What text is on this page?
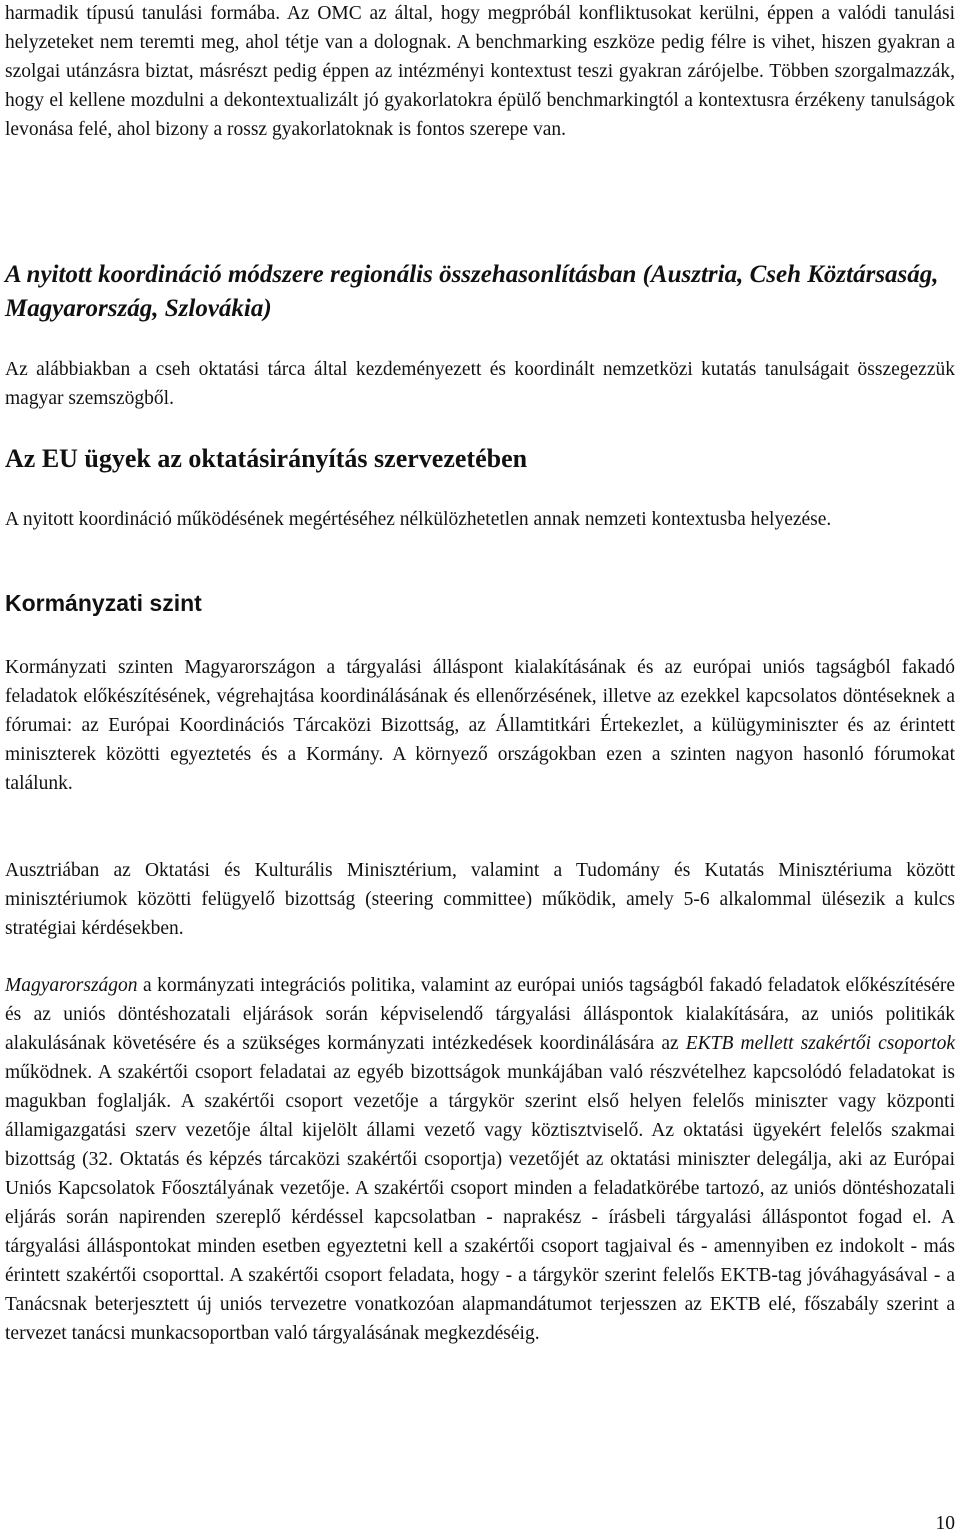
harmadik típusú tanulási formába. Az OMC az által, hogy megpróbál konfliktusokat kerülni, éppen a valódi tanulási helyzeteket nem teremti meg, ahol tétje van a dolognak. A benchmarking eszköze pedig félre is vihet, hiszen gyakran a szolgai utánzásra biztat, másrészt pedig éppen az intézményi kontextust teszi gyakran zárójelbe. Többen szorgalmazzák, hogy el kellene mozdulni a dekontextualizált jó gyakorlatokra épülő benchmarkingtól a kontextusra érzékeny tanulságok levonása felé, ahol bizony a rossz gyakorlatoknak is fontos szerepe van.

A nyitott koordináció módszere regionális összehasonlításban (Ausztria, Cseh Köztársaság, Magyarország, Szlovákia)

Az alábbiakban a cseh oktatási tárca által kezdeményezett és koordinált nemzetközi kutatás tanulságait összegezzük magyar szemszögből.

Az EU ügyek az oktatásirányítás szervezetében

A nyitott koordináció működésének megértéséhez nélkülözhetetlen annak nemzeti kontextusba helyezése.

Kormányzati szint

Kormányzati szinten Magyarországon a tárgyalási álláspont kialakításának és az európai uniós tagságból fakadó feladatok előkészítésének, végrehajtása koordinálásának és ellenőrzésének, illetve az ezekkel kapcsolatos döntéseknek a fórumai: az Európai Koordinációs Tárcaközi Bizottság, az Államtitkári Értekezlet, a külügyminiszter és az érintett miniszterek közötti egyeztetés és a Kormány. A környező országokban ezen a szinten nagyon hasonló fórumokat találunk.

Ausztriában az Oktatási és Kulturális Minisztérium, valamint a Tudomány és Kutatás Minisztériuma között minisztériumok közötti felügyelő bizottság (steering committee) működik, amely 5-6 alkalommal ülésezik a kulcs stratégiai kérdésekben.

Magyarországon a kormányzati integrációs politika, valamint az európai uniós tagságból fakadó feladatok előkészítésére és az uniós döntéshozatali eljárások során képviselendő tárgyalási álláspontok kialakítására, az uniós politikák alakulásának követésére és a szükséges kormányzati intézkedések koordinálására az EKTB mellett szakértői csoportok működnek. A szakértői csoport feladatai az egyéb bizottságok munkájában való részvételhez kapcsolódó feladatokat is magukban foglalják. A szakértői csoport vezetője a tárgykör szerint első helyen felelős miniszter vagy központi államigazgatási szerv vezetője által kijelölt állami vezető vagy köztisztviselő. Az oktatási ügyekért felelős szakmai bizottság (32. Oktatás és képzés tárcaközi szakértői csoportja) vezetőjét az oktatási miniszter delegálja, aki az Európai Uniós Kapcsolatok Főosztályának vezetője. A szakértői csoport minden a feladatkörébe tartozó, az uniós döntéshozatali eljárás során napirenden szereplő kérdéssel kapcsolatban - naprakész - írásbeli tárgyalási álláspontot fogad el. A tárgyalási álláspontokat minden esetben egyeztetni kell a szakértői csoport tagjaival és - amennyiben ez indokolt - más érintett szakértői csoporttal. A szakértői csoport feladata, hogy - a tárgykör szerint felelős EKTB-tag jóváhagyásával - a Tanácsnak beterjesztett új uniós tervezetre vonatkozóan alapmandátumot terjesszen az EKTB elé, főszabály szerint a tervezet tanácsi munkacsoportban való tárgyalásának megkezdéséig.

10
